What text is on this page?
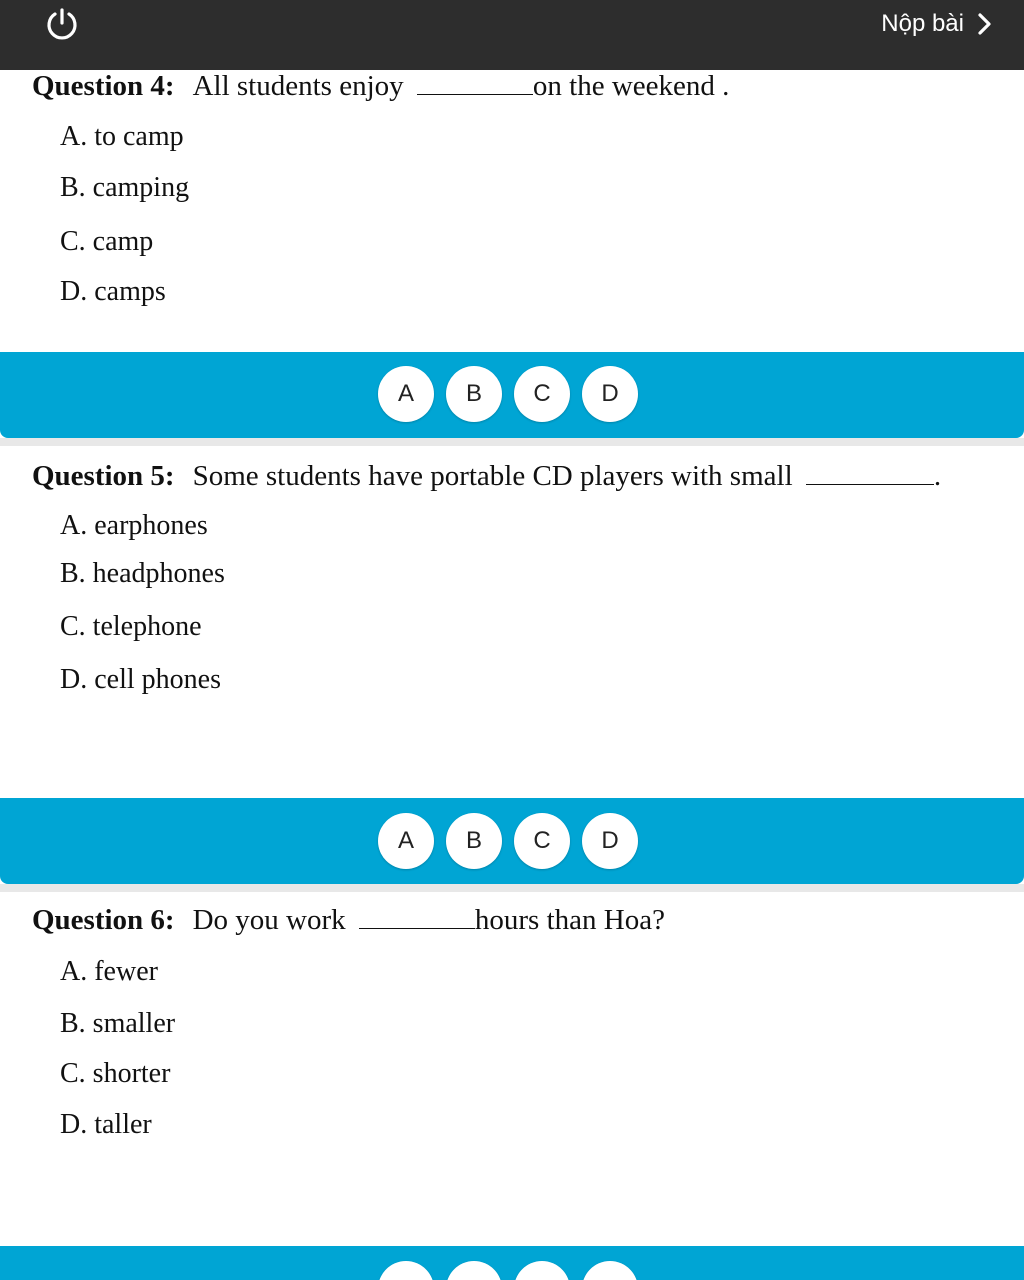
Nộp bài
Question 4: All students enjoy	on the weekend .
A. to camp
B. camping
C. camp
D. camps
A	B	C	D
Question 5: Some students have portable CD players with small	.
A. earphones
B. headphones
C. telephone
D. cell phones
A	B	C	D
Question 6: Do you work	hours than Hoa?
A. fewer
B. smaller
C. shorter
D. taller
